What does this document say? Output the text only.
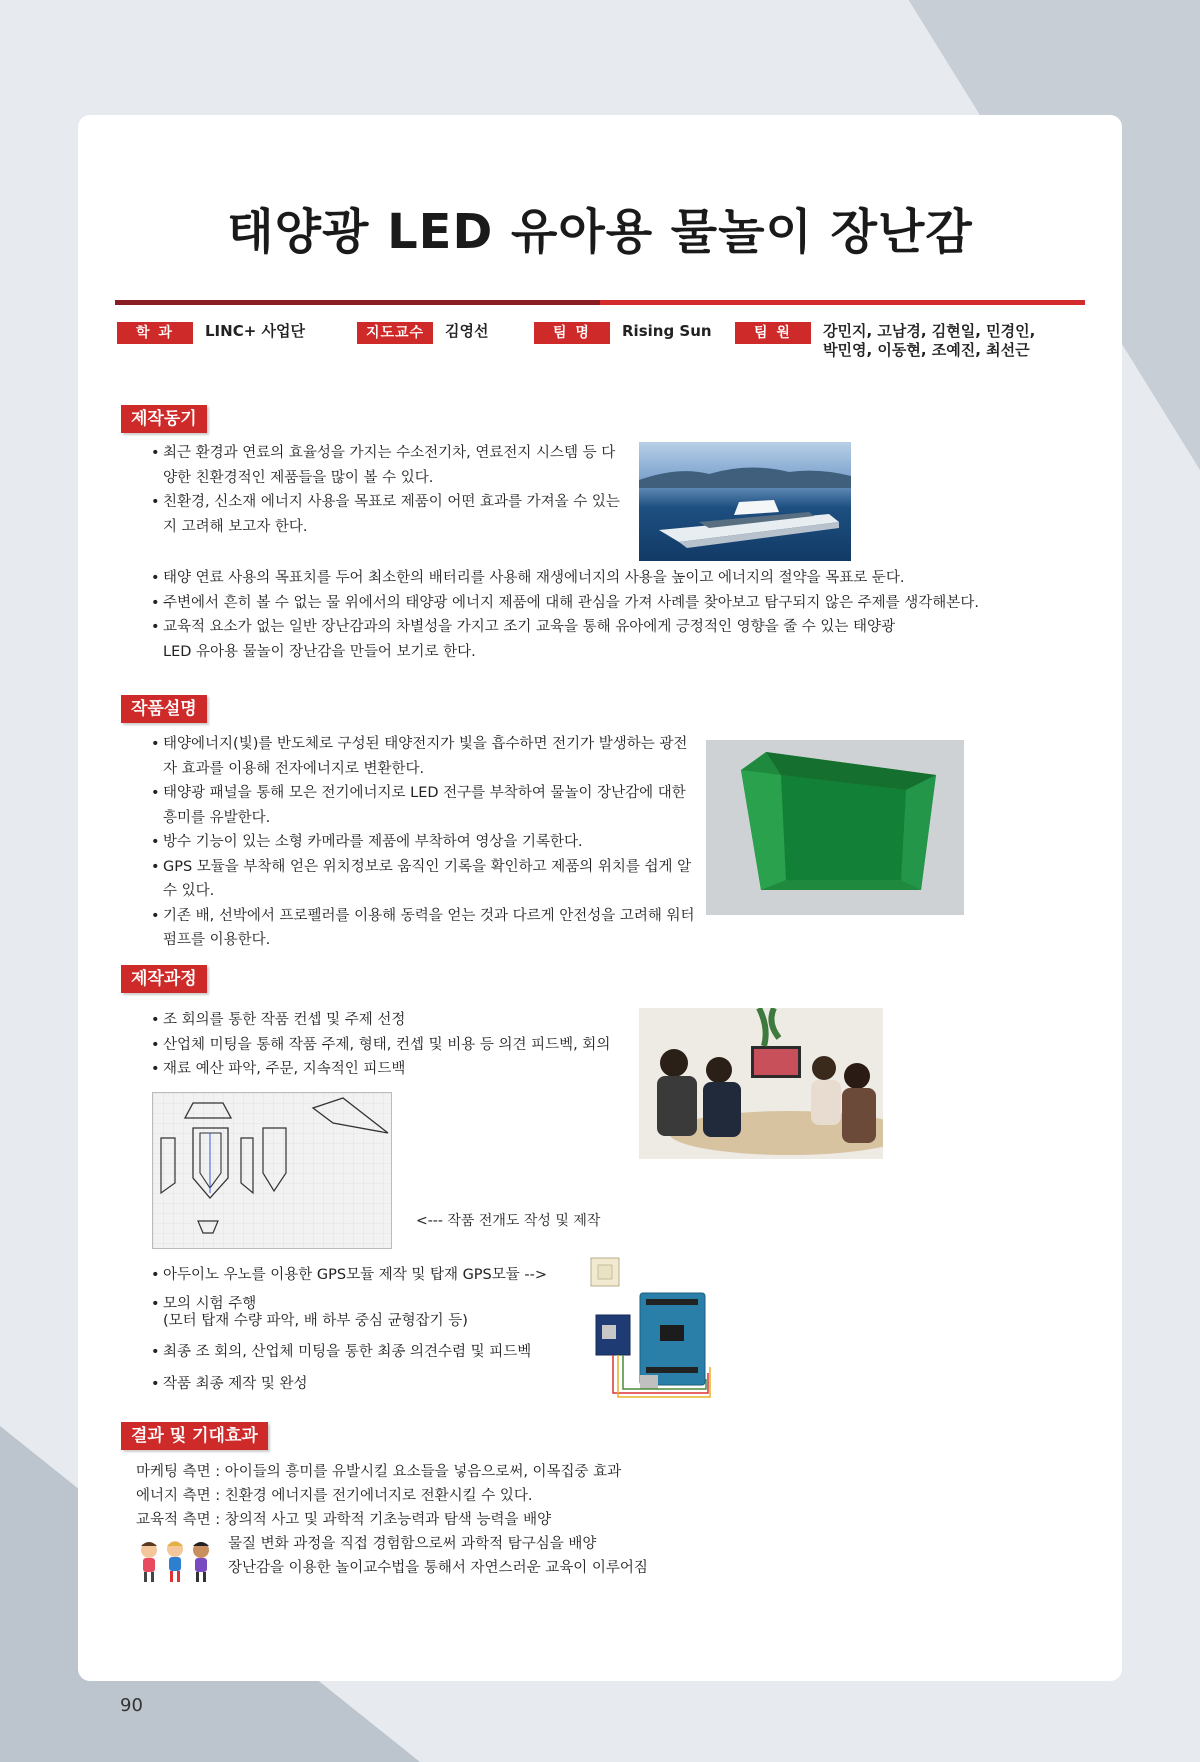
태양광 LED 유아용 물놀이 장난감
학 과	LINC+ 사업단	지도교수	김영선	팀 명	Rising Sun	팀 원	강민지, 고남경, 김현일, 민경인,
박민영, 이동현, 조예진, 최선근
제작동기
• 최근 환경과 연료의 효율성을 가지는 수소전기차, 연료전지 시스템 등 다양한 친환경적인 제품들을 많이 볼 수 있다.
• 친환경, 신소재 에너지 사용을 목표로 제품이 어떤 효과를 가져올 수 있는지 고려해 보고자 한다.
• 태양 연료 사용의 목표치를 두어 최소한의 배터리를 사용해 재생에너지의 사용을 높이고 에너지의 절약을 목표로 둔다.
• 주변에서 흔히 볼 수 없는 물 위에서의 태양광 에너지 제품에 대해 관심을 가져 사례를 찾아보고 탐구되지 않은 주제를 생각해본다.
• 교육적 요소가 없는 일반 장난감과의 차별성을 가지고 조기 교육을 통해 유아에게 긍정적인 영향을 줄 수 있는 태양광 LED 유아용 물놀이 장난감을 만들어 보기로 한다.
작품설명
• 태양에너지(빛)를 반도체로 구성된 태양전지가 빛을 흡수하면 전기가 발생하는 광전자 효과를 이용해 전자에너지로 변환한다.
• 태양광 패널을 통해 모은 전기에너지로 LED 전구를 부착하여 물놀이 장난감에 대한 흥미를 유발한다.
• 방수 기능이 있는 소형 카메라를 제품에 부착하여 영상을 기록한다.
• GPS 모듈을 부착해 얻은 위치정보로 움직인 기록을 확인하고 제품의 위치를 쉽게 알 수 있다.
• 기존 배, 선박에서 프로펠러를 이용해 동력을 얻는 것과 다르게 안전성을 고려해 워터펌프를 이용한다.
제작과정
• 조 회의를 통한 작품 컨셉 및 주제 선정
• 산업체 미팅을 통해 작품 주제, 형태, 컨셉 및 비용 등 의견 피드벡, 회의
• 재료 예산 파악, 주문, 지속적인 피드백
<--- 작품 전개도 작성 및 제작
• 아두이노 우노를 이용한 GPS모듈 제작 및 탑재 GPS모듈 -->
• 모의 시험 주행
(모터 탑재 수량 파악, 배 하부 중심 균형잡기 등)
• 최종 조 회의, 산업체 미팅을 통한 최종 의견수렴 및 피드벡
• 작품 최종 제작 및 완성
결과 및 기대효과
마케팅 측면 : 아이들의 흥미를 유발시킬 요소들을 넣음으로써, 이목집중 효과
에너지 측면 : 친환경 에너지를 전기에너지로 전환시킬 수 있다.
교육적 측면 : 창의적 사고 및 과학적 기초능력과 탐색 능력을 배양
물질 변화 과정을 직접 경험함으로써 과학적 탐구심을 배양
장난감을 이용한 놀이교수법을 통해서 자연스러운 교육이 이루어짐
90
